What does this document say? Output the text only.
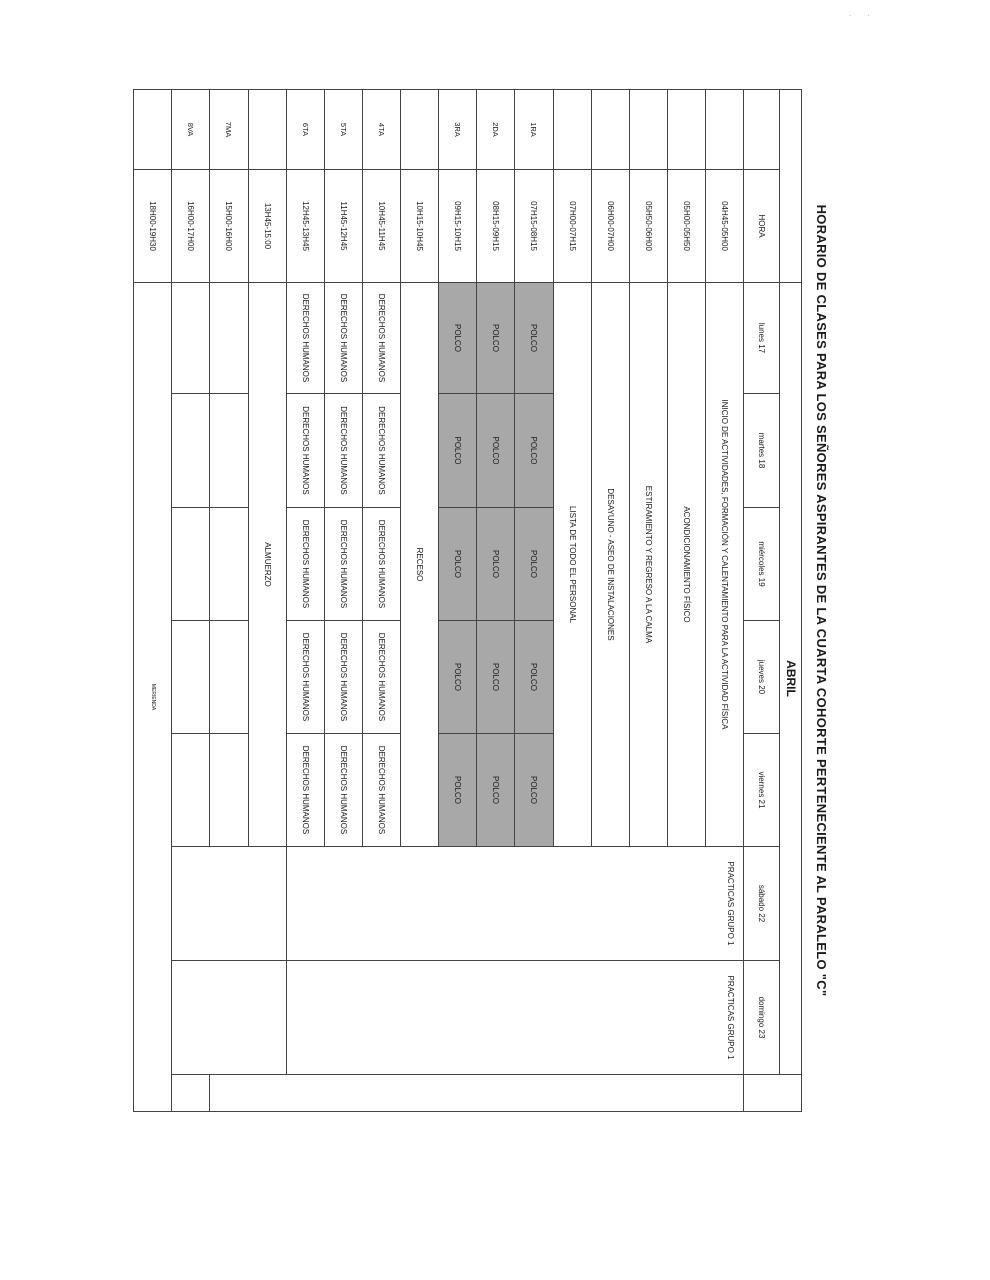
˙       ˙
HORARIO DE CLASES PARA LOS SEÑORES ASPIRANTES DE LA CUARTA COHORTE PERTENECIENTE AL PARALELO "C"									
		ABRIL							
	HORA	lunes 17	martes 18	miércoles 19	jueves 20	viernes 21	sábado 22	domingo 23	
	04H45-05H00	INICIO DE ACTIVIDADES, FORMACIÓN Y CALENTAMIENTO PARA LA ACTIVIDAD FÍSICA					PRACTICAS GRUPO 1	PRACTICAS GRUPO 1	
	05H00-05H50	ACONDICIONAMIENTO FÍSICO							
	05H50-06H00	ESTIRAMIENTO Y REGRESO A LA CALMA							
	06H00-07H00	DESAYUNO - ASEO DE INSTALACIONES							
	07H00-07H15	LISTA DE TODO EL PERSONAL							
1RA	07H15-08H15	POLCO	POLCO	POLCO	POLCO	POLCO			
2DA	08H15-09H15	POLCO	POLCO	POLCO	POLCO	POLCO			
3RA	09H15-10H15	POLCO	POLCO	POLCO	POLCO	POLCO			
	10H15-10H45	RECESO							
4TA	10H45-11H45	DERECHOS HUMANOS	DERECHOS HUMANOS	DERECHOS HUMANOS	DERECHOS HUMANOS	DERECHOS HUMANOS			
5TA	11H45-12H45	DERECHOS HUMANOS	DERECHOS HUMANOS	DERECHOS HUMANOS	DERECHOS HUMANOS	DERECHOS HUMANOS			
6TA	12H45-13H45	DERECHOS HUMANOS	DERECHOS HUMANOS	DERECHOS HUMANOS	DERECHOS HUMANOS	DERECHOS HUMANOS			
	13H45-15:00	ALMUERZO							
7MA	15H00-16H00								
8VA	16H00-17H00								
	18H00-19H30	MERIENDA							
